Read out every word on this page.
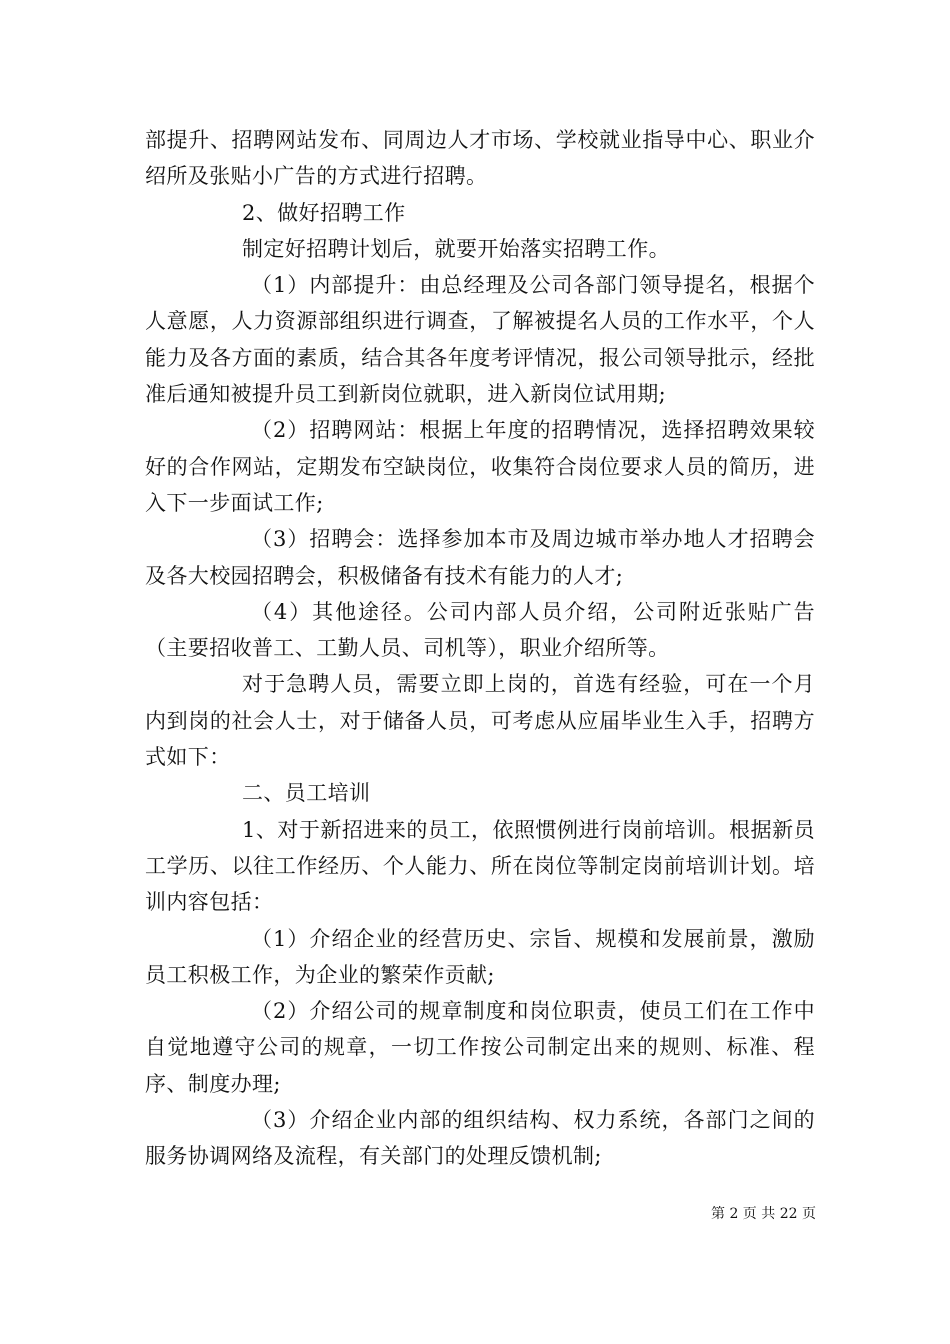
部提升、招聘网站发布、同周边人才市场、学校就业指导中心、职业介绍所及张贴小广告的方式进行招聘。

2、做好招聘工作

制定好招聘计划后，就要开始落实招聘工作。

（1）内部提升：由总经理及公司各部门领导提名，根据个人意愿，人力资源部组织进行调查，了解被提名人员的工作水平，个人能力及各方面的素质，结合其各年度考评情况，报公司领导批示，经批准后通知被提升员工到新岗位就职，进入新岗位试用期;

（2）招聘网站：根据上年度的招聘情况，选择招聘效果较好的合作网站，定期发布空缺岗位，收集符合岗位要求人员的简历，进入下一步面试工作;

（3）招聘会：选择参加本市及周边城市举办地人才招聘会及各大校园招聘会，积极储备有技术有能力的人才;

（4）其他途径。公司内部人员介绍，公司附近张贴广告（主要招收普工、工勤人员、司机等），职业介绍所等。

对于急聘人员，需要立即上岗的，首选有经验，可在一个月内到岗的社会人士，对于储备人员，可考虑从应届毕业生入手，招聘方式如下：

二、员工培训

1、对于新招进来的员工，依照惯例进行岗前培训。根据新员工学历、以往工作经历、个人能力、所在岗位等制定岗前培训计划。培训内容包括：

（1）介绍企业的经营历史、宗旨、规模和发展前景，激励员工积极工作，为企业的繁荣作贡献;

（2）介绍公司的规章制度和岗位职责，使员工们在工作中自觉地遵守公司的规章，一切工作按公司制定出来的规则、标准、程序、制度办理;

（3）介绍企业内部的组织结构、权力系统，各部门之间的服务协调网络及流程，有关部门的处理反馈机制;

第 2 页 共 22 页
